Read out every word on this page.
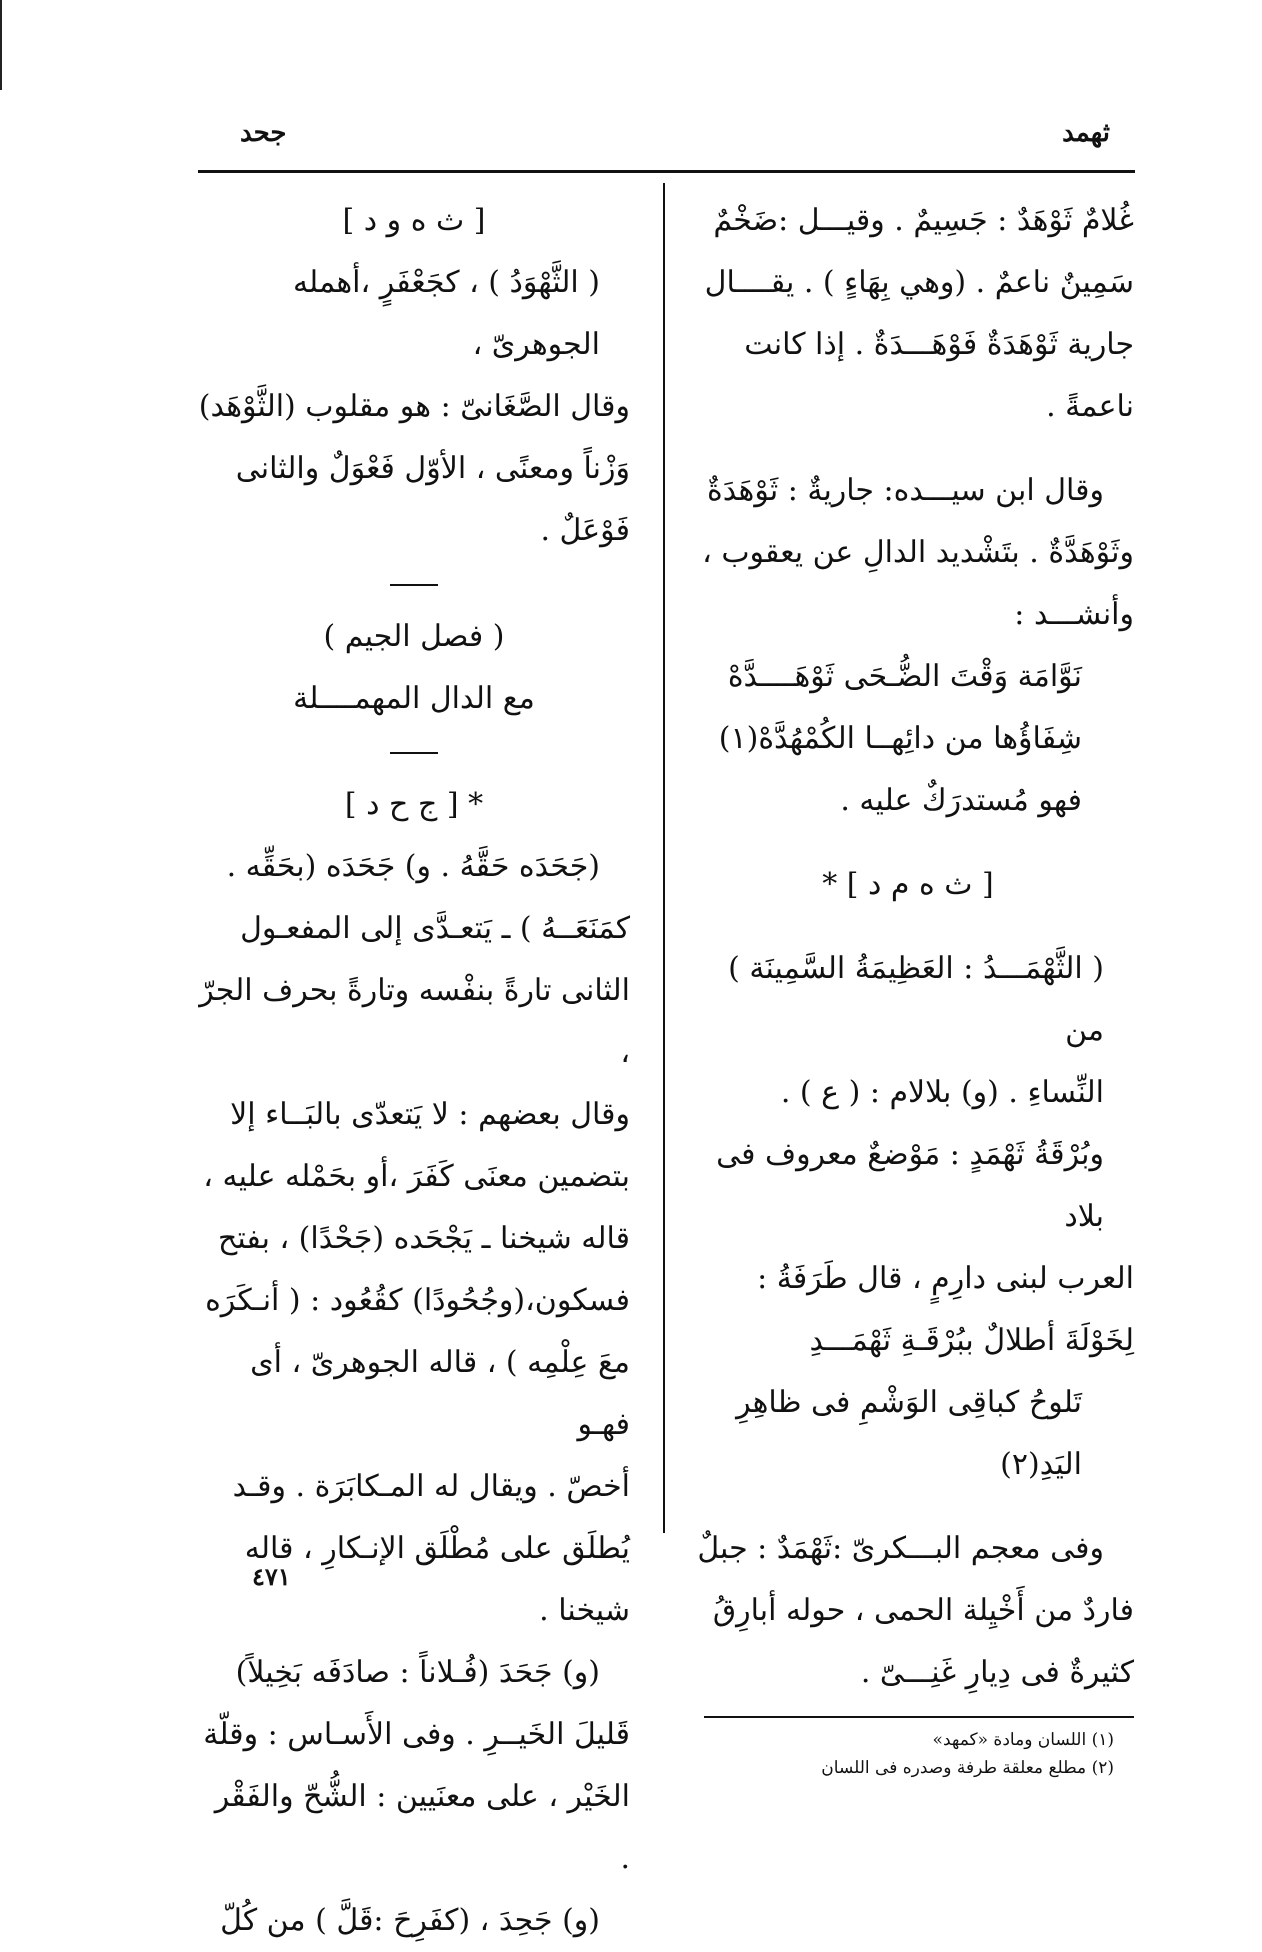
ثهمد
جحد

غُلامٌ ثَوْهَدٌ : جَسِيمٌ . وقيـــل :ضَخْمٌ

سَمِينٌ ناعمٌ . (وهي بِهَاءٍ ) . يقــــال

جارية ثَوْهَدَةٌ فَوْهَـــدَةٌ . إذا كانت

ناعمةً .

وقال ابن سيـــده: جاريةٌ : ثَوْهَدَةٌ

وثَوْهَدَّةٌ . بتَشْديد الدالِ عن يعقوب ،

وأنشـــد :

نَوَّامَة وَقْتَ الضُّـحَى ثَوْهَــــدَّهْ

شِفَاؤُها من دائِهــا الكُمْهُدَّهْ(١)

فهو مُستدرَكٌ عليه .

[ ث ه م د ] *

( الثَّهْمَـــدُ : العَظِيمَةُ السَّمِينَة ) من

النِّساءِ . (و) بلالام : ( ع ) .

وبُرْقَةُ ثَهْمَدٍ : مَوْضعٌ معروف فى بلاد

العرب لبنى دارِمٍ ، قال طَرَفَةُ :

لِخَوْلَةَ أطلالٌ ببُرْقَـةِ ثَهْمَـــدِ

تَلوحُ كباقِى الوَشْمِ فى ظاهِرِ اليَدِ(٢)

وفى معجم البـــكرىّ :ثَهْمَدٌ : جبلٌ

فاردٌ من أَخْيِلة الحمى ، حوله أبارِقُ

كثيرةٌ فى دِيارِ غَنِـــىّ .

(١) اللسان ومادة «كمهد»

(٢) مطلع معلقة طرفة وصدره فى اللسان

[ ث ه و د ]

( الثَّهْوَدُ ) ، كجَعْفَرٍ ،أهمله الجوهرىّ ،

وقال الصَّغَانىّ : هو مقلوب (الثَّوْهَد)

وَزْناً ومعنًى ، الأوّل فَعْوَلٌ والثانى فَوْعَلٌ .

( فصل الجيم )

مع الدال المهمــــلة

* [ ج ح د ]

(جَحَدَه حَقَّهُ . و) جَحَدَه (بحَقِّه .

كمَنَعَــهُ ) ـ يَتعـدَّى إلى المفعـول

الثانى تارةً بنفْسه وتارةً بحرف الجرّ ،

وقال بعضهم : لا يَتعدّى بالبَــاء إلا

بتضمين معنَى كَفَرَ ،أو بحَمْله عليه ،

قاله شيخنا ـ يَجْحَده (جَحْدًا) ، بفتح

فسكون،(وجُحُودًا) كقُعُود : ( أنـكَرَه

معَ عِلْمِه ) ، قاله الجوهرىّ ، أى فهـو

أخصّ . ويقال له المـكابَرَة . وقـد

يُطلَق على مُطْلَق الإنـكارِ ، قاله شيخنا .

(و) جَحَدَ (فُـلاناً : صادَفَه بَخِيلاً)

قَليلَ الخَيــرِ . وفى الأَسـاس : وقلّة

الخَيْر ، على معنَيين : الشُّحّ والفَقْر .

(و) جَحِدَ ، (كفَرِحَ :قَلَّ ) من كُلّ

٤٧١
